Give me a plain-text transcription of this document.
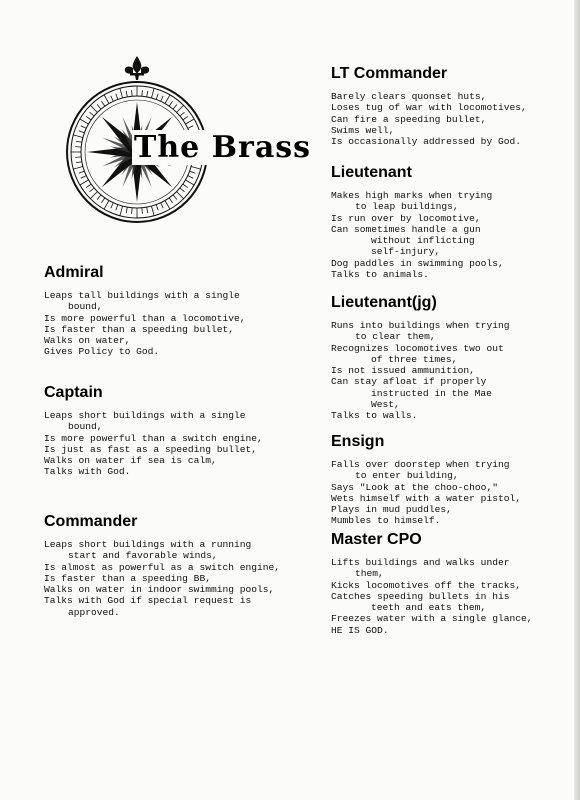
The Brass
Admiral
Leaps tall buildings with a single
bound,
Is more powerful than a locomotive,
Is faster than a speeding bullet,
Walks on water,
Gives Policy to God.
Captain
Leaps short buildings with a single
bound,
Is more powerful than a switch engine,
Is just as fast as a speeding bullet,
Walks on water if sea is calm,
Talks with God.
Commander
Leaps short buildings with a running
start and favorable winds,
Is almost as powerful as a switch engine,
Is faster than a speeding BB,
Walks on water in indoor swimming pools,
Talks with God if special request is
approved.
LT Commander
Barely clears quonset huts,
Loses tug of war with locomotives,
Can fire a speeding bullet,
Swims well,
Is occasionally addressed by God.
Lieutenant
Makes high marks when trying
to leap buildings,
Is run over by locomotive,
Can sometimes handle a gun
without inflicting
self-injury,
Dog paddles in swimming pools,
Talks to animals.
Lieutenant(jg)
Runs into buildings when trying
to clear them,
Recognizes locomotives two out
of three times,
Is not issued ammunition,
Can stay afloat if properly
instructed in the Mae
West,
Talks to walls.
Ensign
Falls over doorstep when trying
to enter building,
Says "Look at the choo-choo,"
Wets himself with a water pistol,
Plays in mud puddles,
Mumbles to himself.
Master CPO
Lifts buildings and walks under
them,
Kicks locomotives off the tracks,
Catches speeding bullets in his
teeth and eats them,
Freezes water with a single glance,
HE IS GOD.
